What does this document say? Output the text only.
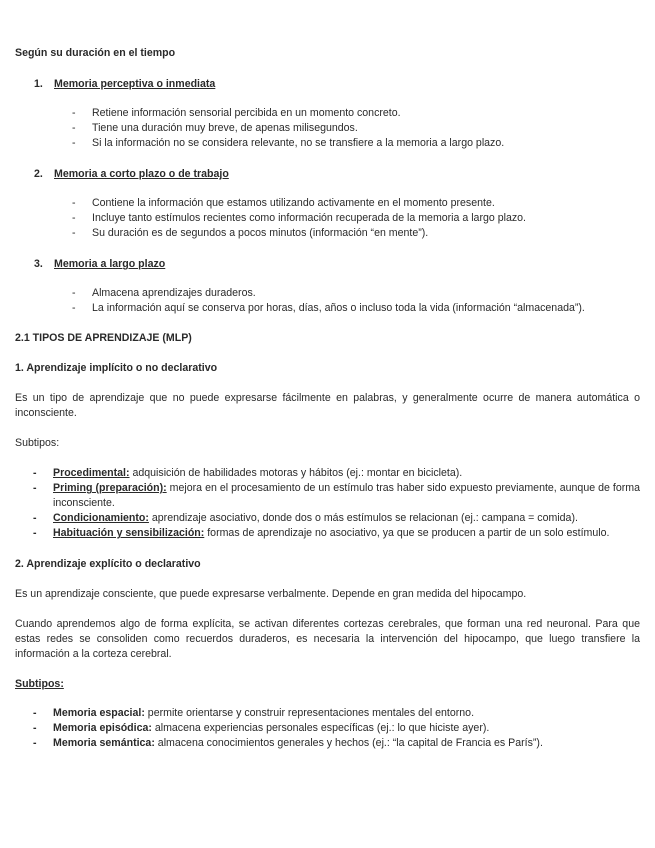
Según su duración en el tiempo

1. Memoria perceptiva o inmediata
- Retiene información sensorial percibida en un momento concreto.
- Tiene una duración muy breve, de apenas milisegundos.
- Si la información no se considera relevante, no se transfiere a la memoria a largo plazo.
2. Memoria a corto plazo o de trabajo
- Contiene la información que estamos utilizando activamente en el momento presente.
- Incluye tanto estímulos recientes como información recuperada de la memoria a largo plazo.
- Su duración es de segundos a pocos minutos (información “en mente”).
3. Memoria a largo plazo
- Almacena aprendizajes duraderos.
- La información aquí se conserva por horas, días, años o incluso toda la vida (información “almacenada”).

2.1 TIPOS DE APRENDIZAJE (MLP)

1. Aprendizaje implícito o no declarativo

Es un tipo de aprendizaje que no puede expresarse fácilmente en palabras, y generalmente ocurre de manera automática o inconsciente.

Subtipos:

- Procedimental: adquisición de habilidades motoras y hábitos (ej.: montar en bicicleta).
- Priming (preparación): mejora en el procesamiento de un estímulo tras haber sido expuesto previamente, aunque de forma inconsciente.
- Condicionamiento: aprendizaje asociativo, donde dos o más estímulos se relacionan (ej.: campana = comida).
- Habituación y sensibilización: formas de aprendizaje no asociativo, ya que se producen a partir de un solo estímulo.

2. Aprendizaje explícito o declarativo

Es un aprendizaje consciente, que puede expresarse verbalmente. Depende en gran medida del hipocampo.

Cuando aprendemos algo de forma explícita, se activan diferentes cortezas cerebrales, que forman una red neuronal. Para que estas redes se consoliden como recuerdos duraderos, es necesaria la intervención del hipocampo, que luego transfiere la información a la corteza cerebral.

Subtipos:

- Memoria espacial: permite orientarse y construir representaciones mentales del entorno.
- Memoria episódica: almacena experiencias personales específicas (ej.: lo que hiciste ayer).
- Memoria semántica: almacena conocimientos generales y hechos (ej.: “la capital de Francia es París”).
